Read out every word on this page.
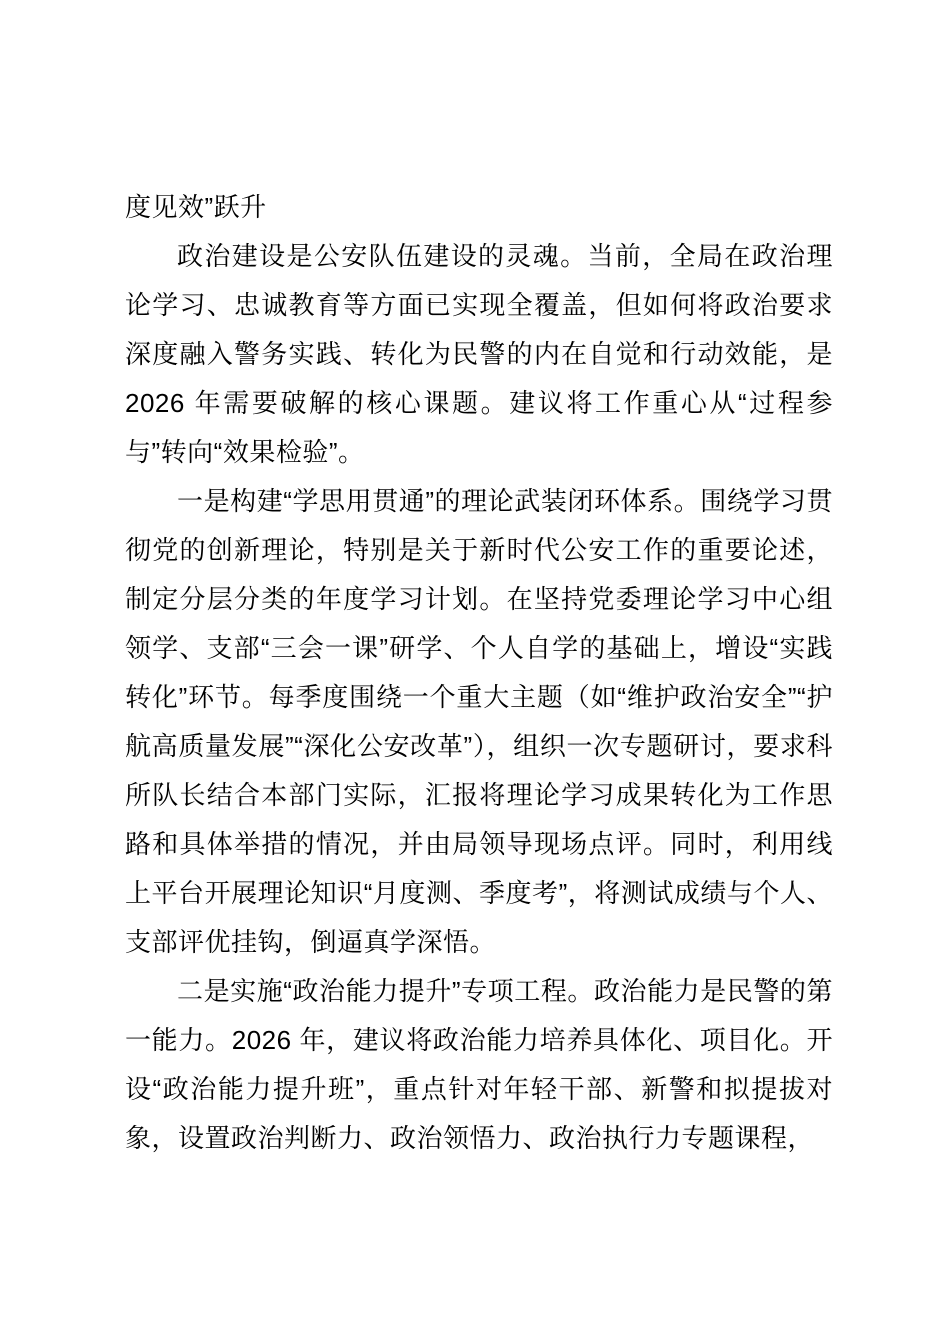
度见效”跃升

政治建设是公安队伍建设的灵魂。当前，全局在政治理论学习、忠诚教育等方面已实现全覆盖，但如何将政治要求深度融入警务实践、转化为民警的内在自觉和行动效能，是 2026 年需要破解的核心课题。建议将工作重心从“过程参与”转向“效果检验”。

一是构建“学思用贯通”的理论武装闭环体系。围绕学习贯彻党的创新理论，特别是关于新时代公安工作的重要论述，制定分层分类的年度学习计划。在坚持党委理论学习中心组领学、支部“三会一课”研学、个人自学的基础上，增设“实践转化”环节。每季度围绕一个重大主题（如“维护政治安全”“护航高质量发展”“深化公安改革”），组织一次专题研讨，要求科所队长结合本部门实际，汇报将理论学习成果转化为工作思路和具体举措的情况，并由局领导现场点评。同时，利用线上平台开展理论知识“月度测、季度考”，将测试成绩与个人、支部评优挂钩，倒逼真学深悟。

二是实施“政治能力提升”专项工程。政治能力是民警的第一能力。2026 年，建议将政治能力培养具体化、项目化。开设“政治能力提升班”，重点针对年轻干部、新警和拟提拔对象，设置政治判断力、政治领悟力、政治执行力专题课程，
